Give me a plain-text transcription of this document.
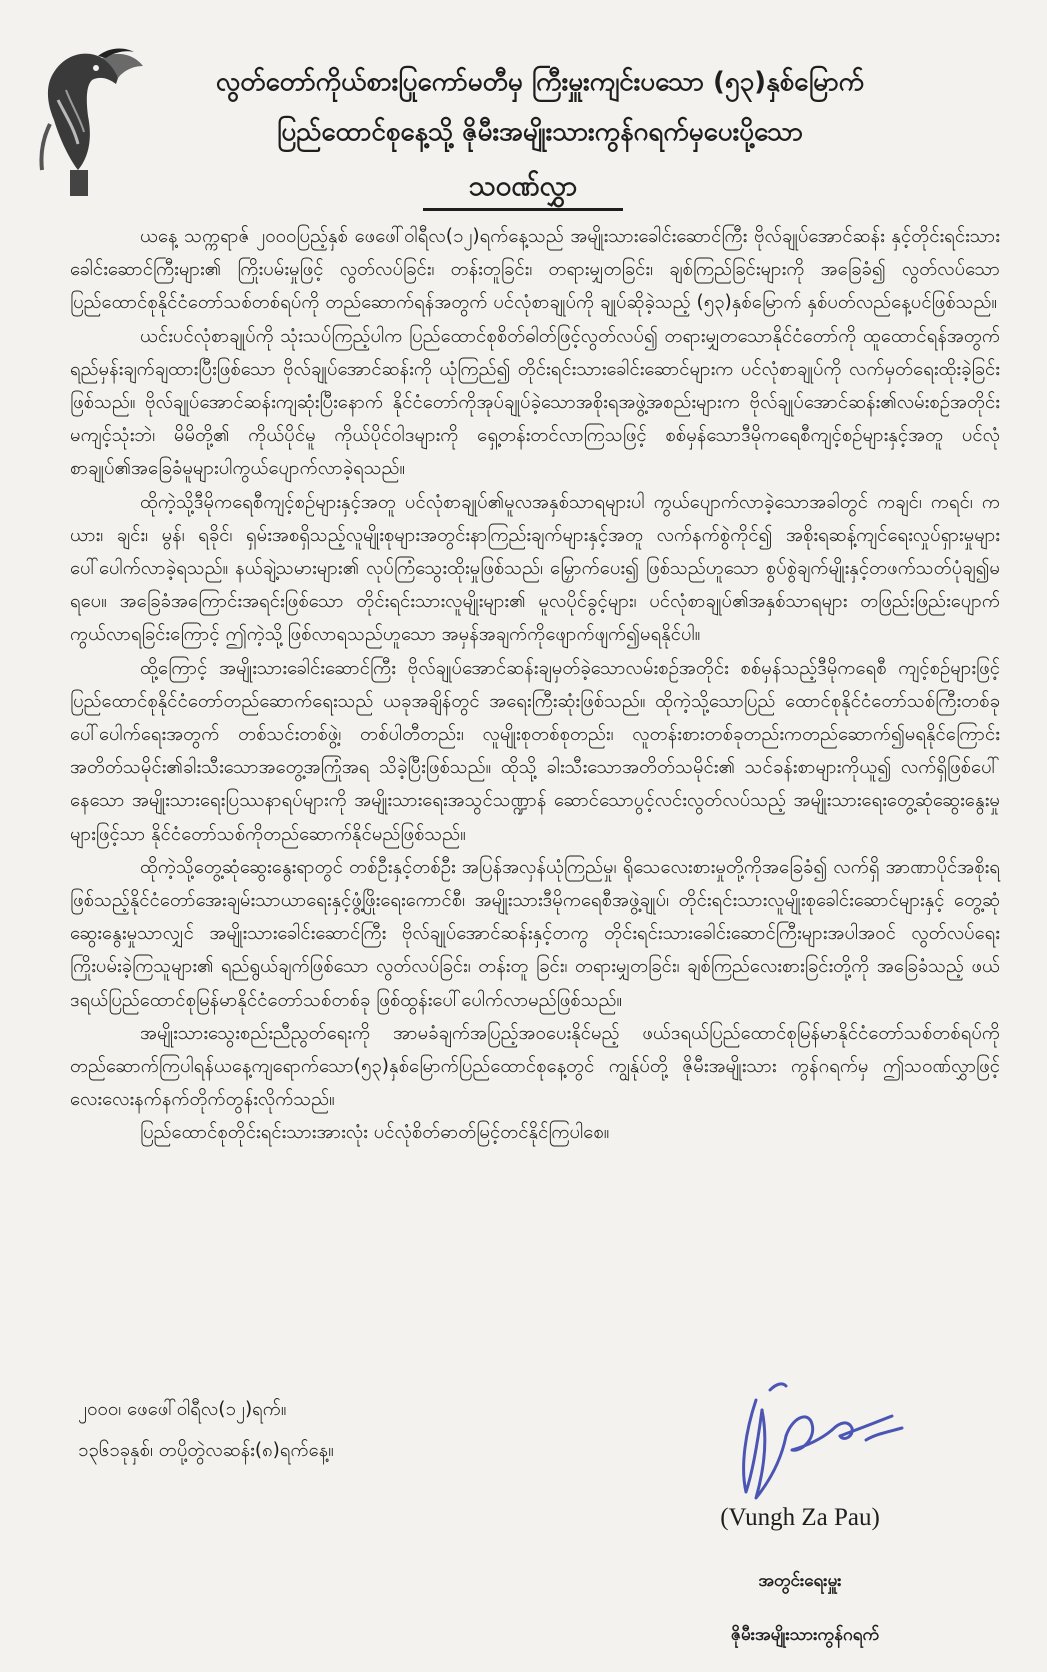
လွတ်တော်ကိုယ်စားပြုကော်မတီမှ ကြီးမှူးကျင်းပသော (၅၃)နှစ်မြောက်
ပြည်ထောင်စုနေ့သို့ ဇိုမီးအမျိုးသားကွန်ဂရက်မှပေးပို့သော
သဝဏ်လွှာ

ယနေ့ သက္ကရာဇ် ၂၀၀၀ပြည့်နှစ် ဖေဖေါ်ဝါရီလ(၁၂)ရက်နေ့သည် အမျိုးသားခေါင်းဆောင်ကြီး ဗိုလ်ချုပ်အောင်ဆန်း နှင့်တိုင်းရင်းသားခေါင်းဆောင်ကြီးများ၏ ကြိုးပမ်းမှုဖြင့် လွတ်လပ်ခြင်း၊ တန်းတူခြင်း၊ တရားမျှတခြင်း၊ ချစ်ကြည်ခြင်းများကို အခြေခံ၍ လွတ်လပ်သောပြည်ထောင်စုနိုင်ငံတော်သစ်တစ်ရပ်ကို တည်ဆောက်ရန်အတွက် ပင်လုံစာချုပ်ကို ချုပ်ဆိုခဲ့သည့် (၅၃)နှစ်မြောက် နှစ်ပတ်လည်နေ့ပင်ဖြစ်သည်။

ယင်းပင်လုံစာချုပ်ကို သုံးသပ်ကြည့်ပါက ပြည်ထောင်စုစိတ်ဓါတ်ဖြင့်လွတ်လပ်၍ တရားမျှတသောနိုင်ငံတော်ကို ထူထောင်ရန်အတွက် ရည်မှန်းချက်ချထားပြီးဖြစ်သော ဗိုလ်ချုပ်အောင်ဆန်းကို ယုံကြည်၍ တိုင်းရင်းသားခေါင်းဆောင်များက ပင်လုံစာချုပ်ကို လက်မှတ်ရေးထိုးခဲ့ခြင်းဖြစ်သည်။ ဗိုလ်ချုပ်အောင်ဆန်းကျဆုံးပြီးနောက် နိုင်ငံတော်ကိုအုပ်ချုပ်ခဲ့သောအစိုးရအဖွဲ့အစည်းများက ဗိုလ်ချုပ်အောင်ဆန်း၏လမ်းစဉ်အတိုင်း မကျင့်သုံးဘဲ၊ မိမိတို့၏ ကိုယ်ပိုင်မူ ကိုယ်ပိုင်ဝါဒများကို ရှေ့တန်းတင်လာကြသဖြင့် စစ်မှန်သောဒီမိုကရေစီကျင့်စဉ်များနှင့်အတူ ပင်လုံစာချုပ်၏အခြေခံမူများပါကွယ်ပျောက်လာခဲ့ရသည်။

ထိုကဲ့သို့ဒီမိုကရေစီကျင့်စဉ်များနှင့်အတူ ပင်လုံစာချုပ်၏မူလအနှစ်သာရများပါ ကွယ်ပျောက်လာခဲ့သောအခါတွင် ကချင်၊ ကရင်၊ ကယား၊ ချင်း၊ မွန်၊ ရခိုင်၊ ရှမ်းအစရှိသည့်လူမျိုးစုများအတွင်းနာကြည်းချက်များနှင့်အတူ လက်နက်စွဲကိုင်၍ အစိုးရဆန့်ကျင်ရေးလှုပ်ရှားမှုများ ပေါ်ပေါက်လာခဲ့ရသည်။ နယ်ချဲ့သမားများ၏ လုပ်ကြံသွေးထိုးမှုဖြစ်သည်၊ မြှောက်ပေး၍ ဖြစ်သည်ဟူသော စွပ်စွဲချက်မျိုးနှင့်တဖက်သတ်ပုံချ၍မရပေ။ အခြေခံအကြောင်းအရင်းဖြစ်သော တိုင်းရင်းသားလူမျိုးများ၏ မူလပိုင်ခွင့်များ၊ ပင်လုံစာချုပ်၏အနှစ်သာရများ တဖြည်းဖြည်းပျောက်ကွယ်လာရခြင်းကြောင့် ဤကဲ့သို့ဖြစ်လာရသည်ဟူသော အမှန်အချက်ကိုဖျောက်ဖျက်၍မရနိုင်ပါ။

ထို့ကြောင့် အမျိုးသားခေါင်းဆောင်ကြီး ဗိုလ်ချုပ်အောင်ဆန်းချမှတ်ခဲ့သောလမ်းစဉ်အတိုင်း စစ်မှန်သည့်ဒီမိုကရေစီ ကျင့်စဉ်များဖြင့်ပြည်ထောင်စုနိုင်ငံတော်တည်ဆောက်ရေးသည် ယခုအချိန်တွင် အရေးကြီးဆုံးဖြစ်သည်။ ထိုကဲ့သို့သောပြည် ထောင်စုနိုင်ငံတော်သစ်ကြီးတစ်ခုပေါ်ပေါက်ရေးအတွက် တစ်သင်းတစ်ဖွဲ့၊ တစ်ပါတီတည်း၊ လူမျိုးစုတစ်စုတည်း၊ လူတန်းစားတစ်ခုတည်းကတည်ဆောက်၍မရနိုင်ကြောင်း အတိတ်သမိုင်း၏ခါးသီးသောအတွေ့အကြုံအရ သိခဲ့ပြီးဖြစ်သည်။ ထိုသို့ ခါးသီးသောအတိတ်သမိုင်း၏ သင်ခန်းစာများကိုယူ၍ လက်ရှိဖြစ်ပေါ်နေသော အမျိုးသားရေးပြဿနာရပ်များကို အမျိုးသားရေးအသွင်သဏ္ဍာန် ဆောင်သောပွင့်လင်းလွတ်လပ်သည့် အမျိုးသားရေးတွေ့ဆုံဆွေးနွေးမှုများဖြင့်သာ နိုင်ငံတော်သစ်ကိုတည်ဆောက်နိုင်မည်ဖြစ်သည်။

ထိုကဲ့သို့တွေ့ဆုံဆွေးနွေးရာတွင် တစ်ဦးနှင့်တစ်ဦး အပြန်အလှန်ယုံကြည်မှု၊ ရိုသေလေးစားမှုတို့ကိုအခြေခံ၍ လက်ရှိ အာဏာပိုင်အစိုးရဖြစ်သည့်နိုင်ငံတော်အေးချမ်းသာယာရေးနှင့်ဖွံ့ဖြိုးရေးကောင်စီ၊ အမျိုးသားဒီမိုကရေစီအဖွဲ့ချုပ်၊ တိုင်းရင်းသားလူမျိုးစုခေါင်းဆောင်များနှင့် တွေ့ဆုံဆွေးနွေးမှုသာလျှင် အမျိုးသားခေါင်းဆောင်ကြီး ဗိုလ်ချုပ်အောင်ဆန်းနှင့်တကွ တိုင်းရင်းသားခေါင်းဆောင်ကြီးများအပါအဝင် လွတ်လပ်ရေးကြိုးပမ်းခဲ့ကြသူများ၏ ရည်ရွယ်ချက်ဖြစ်သော လွတ်လပ်ခြင်း၊ တန်းတူ ခြင်း၊ တရားမျှတခြင်း၊ ချစ်ကြည်လေးစားခြင်းတို့ကို အခြေခံသည့် ဖယ်ဒရယ်ပြည်ထောင်စုမြန်မာနိုင်ငံတော်သစ်တစ်ခု ဖြစ်ထွန်းပေါ်ပေါက်လာမည်ဖြစ်သည်။

အမျိုးသားသွေးစည်းညီညွတ်ရေးကို အာမခံချက်အပြည့်အဝပေးနိုင်မည့် ဖယ်ဒရယ်ပြည်ထောင်စုမြန်မာနိုင်ငံတော်သစ်တစ်ရပ်ကို တည်ဆောက်ကြပါရန်ယနေ့ကျရောက်သော(၅၃)နှစ်မြောက်ပြည်ထောင်စုနေ့တွင် ကျွန်ုပ်တို့ ဇိုမီးအမျိုးသား ကွန်ဂရက်မှ ဤသဝဏ်လွှာဖြင့် လေးလေးနက်နက်တိုက်တွန်းလိုက်သည်။

ပြည်ထောင်စုတိုင်းရင်းသားအားလုံး ပင်လုံစိတ်ဓာတ်မြင့်တင်နိုင်ကြပါစေ။

၂၀၀၀၊ ဖေဖေါ်ဝါရီလ(၁၂)ရက်။
၁၃၆၁ခုနှစ်၊ တပို့တွဲလဆန်း(၈)ရက်နေ့။
(Vungh Za Pau)
အတွင်းရေးမှူး
ဇိုမီးအမျိုးသားကွန်ဂရက်
